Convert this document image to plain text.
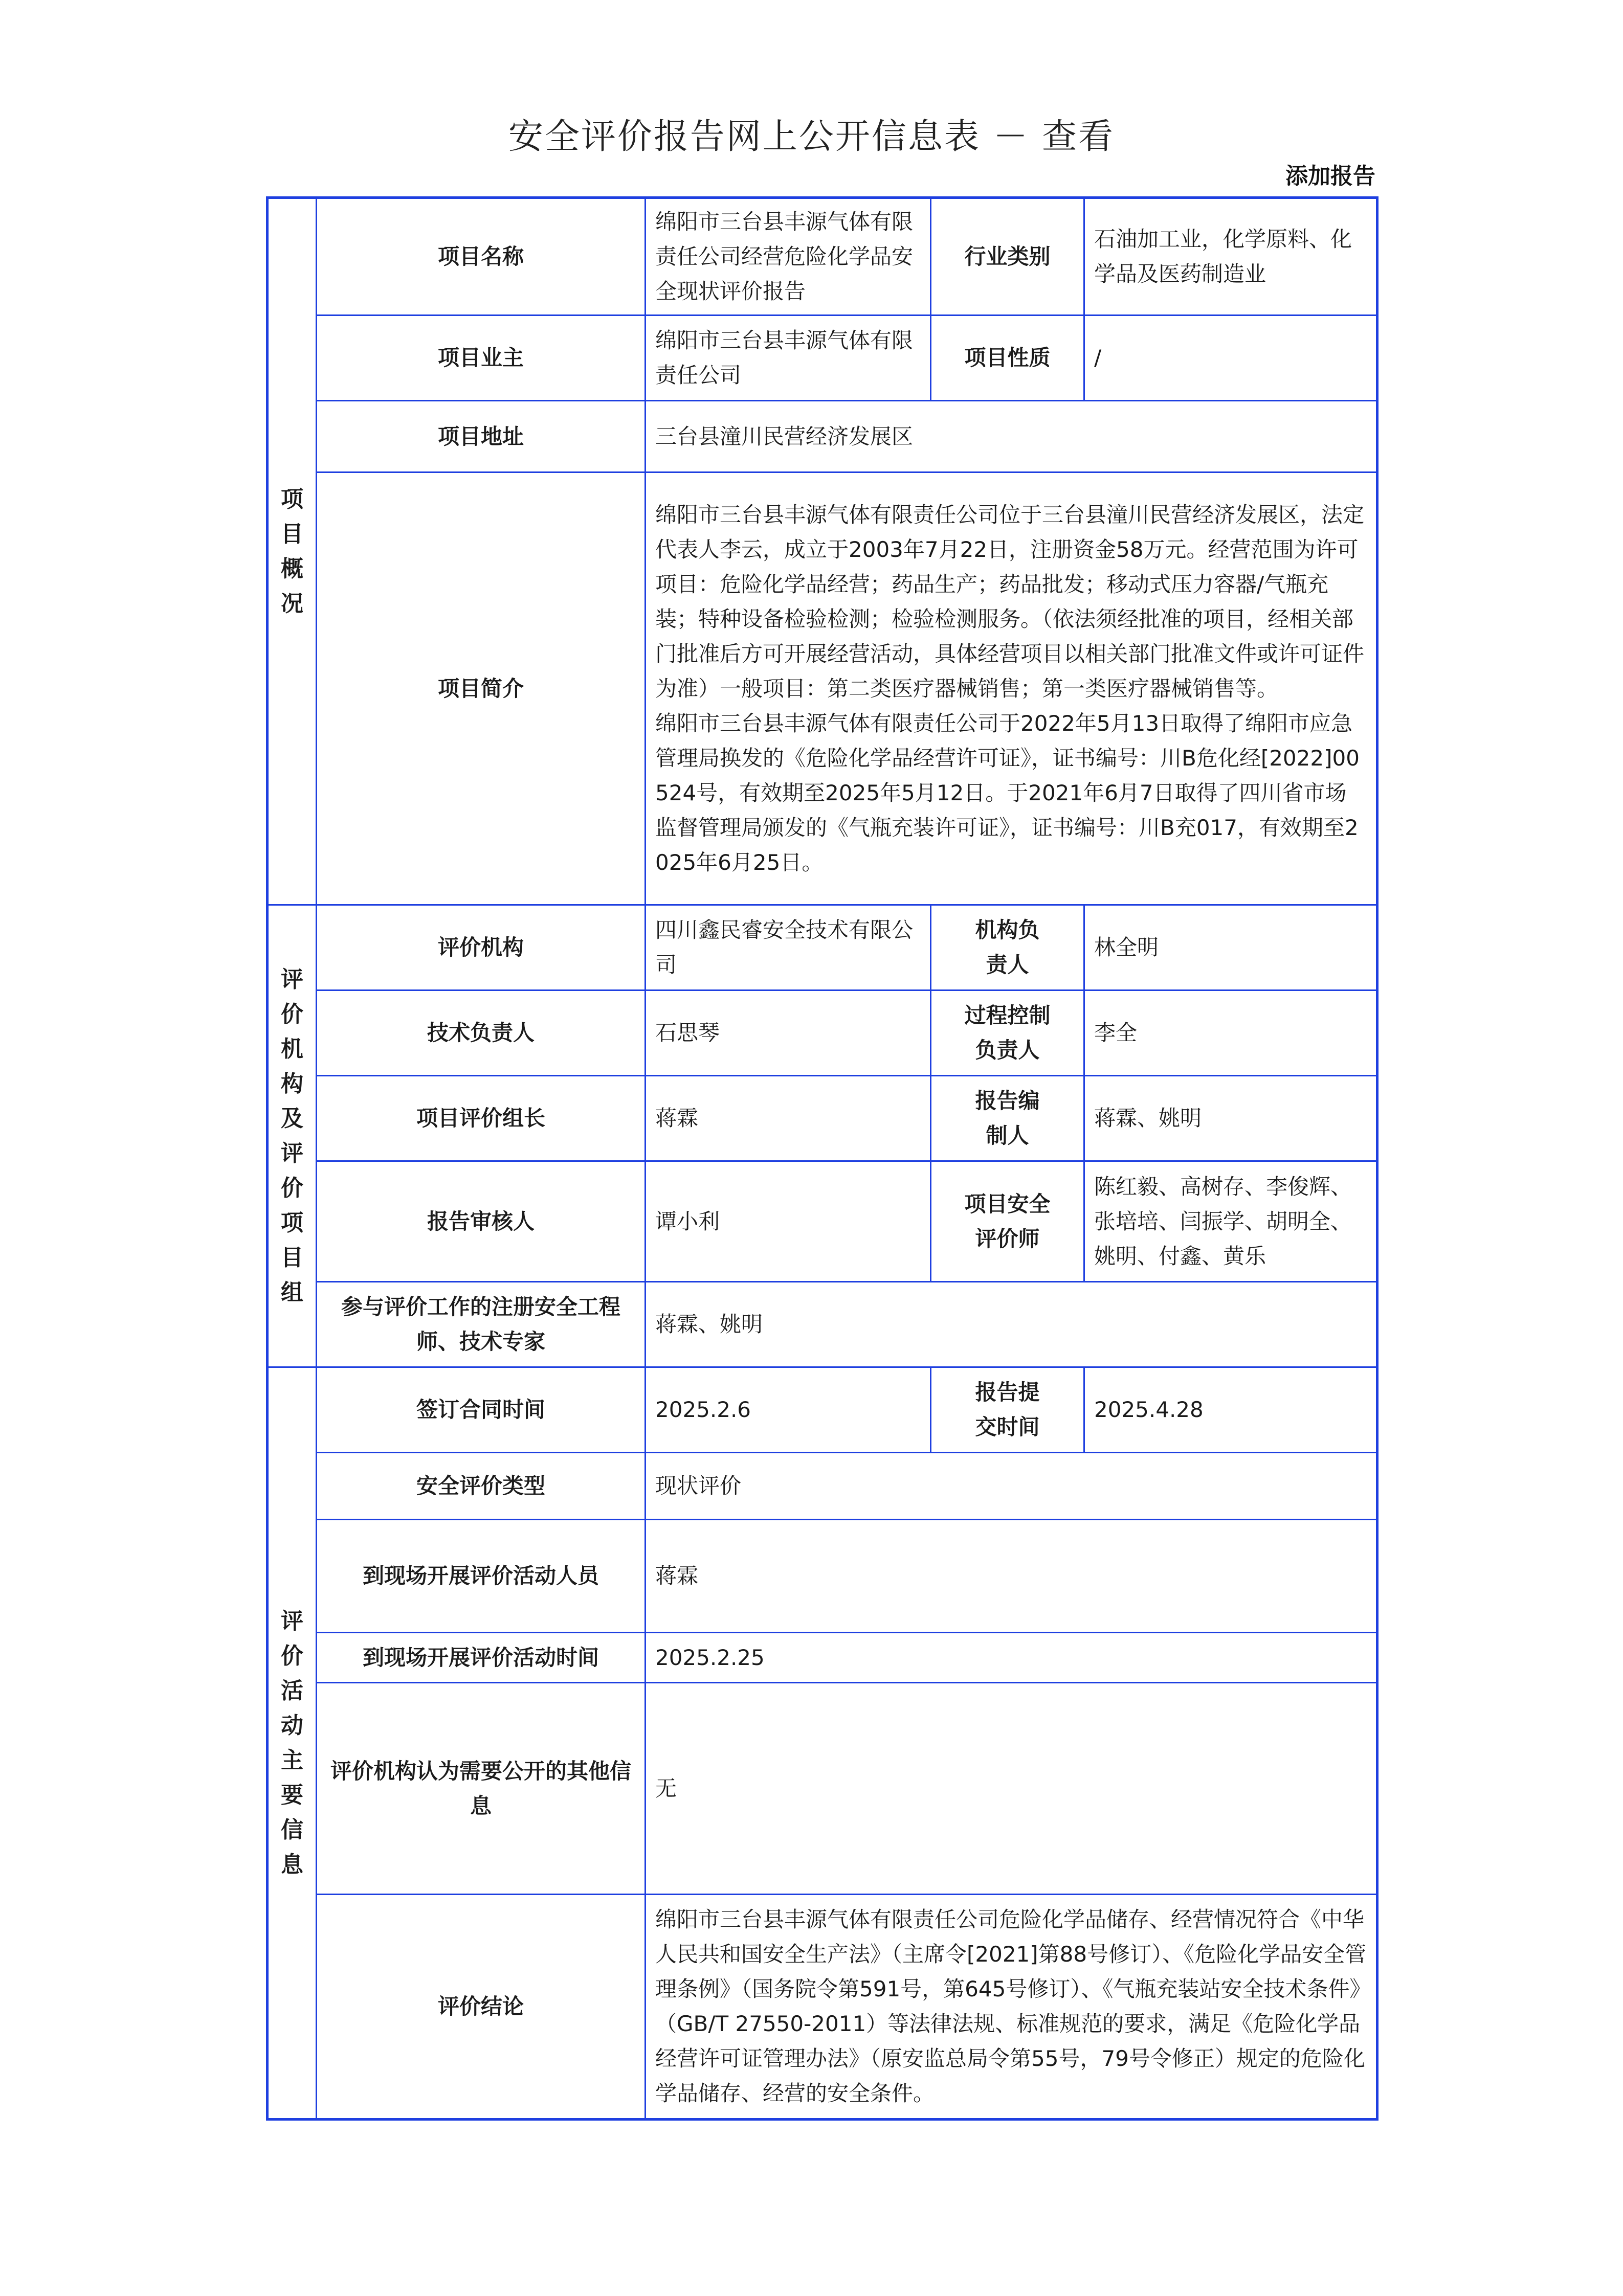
安全评价报告网上公开信息表 － 查看
添加报告
项目概况	项目名称	绵阳市三台县丰源气体有限责任公司经营危险化学品安全现状评价报告	行业类别	石油加工业，化学原料、化学品及医药制造业
	项目业主	绵阳市三台县丰源气体有限责任公司	项目性质	/
	项目地址	三台县潼川民营经济发展区		
	项目简介	绵阳市三台县丰源气体有限责任公司位于三台县潼川民营经济发展区，法定代表人李云，成立于2003年7月22日，注册资金58万元。经营范围为许可项目：危险化学品经营；药品生产；药品批发；移动式压力容器/气瓶充装；特种设备检验检测；检验检测服务。（依法须经批准的项目，经相关部门批准后方可开展经营活动，具体经营项目以相关部门批准文件或许可证件为准）一般项目：第二类医疗器械销售；第一类医疗器械销售等。
绵阳市三台县丰源气体有限责任公司于2022年5月13日取得了绵阳市应急管理局换发的《危险化学品经营许可证》，证书编号：川B危化经[2022]00524号，有效期至2025年5月12日。于2021年6月7日取得了四川省市场监督管理局颁发的《气瓶充装许可证》，证书编号：川B充017，有效期至2025年6月25日。		

评价机构及评价项目组	评价机构	四川鑫民睿安全技术有限公司	机构负责人	林全明
	技术负责人	石思琴	过程控制负责人	李全
	项目评价组长	蒋霖	报告编制人	蒋霖、姚明
	报告审核人	谭小利	项目安全评价师	陈红毅、高树存、李俊辉、张培培、闫振学、胡明全、姚明、付鑫、黄乐
	参与评价工作的注册安全工程师、技术专家	蒋霖、姚明		
评价活动主要信息	签订合同时间	2025.2.6	报告提交时间	2025.4.28
	安全评价类型	现状评价		
	到现场开展评价活动人员	蒋霖		
	到现场开展评价活动时间	2025.2.25		
	评价机构认为需要公开的其他信息	无		
	评价结论	绵阳市三台县丰源气体有限责任公司危险化学品储存、经营情况符合《中华人民共和国安全生产法》（主席令[2021]第88号修订）、《危险化学品安全管理条例》（国务院令第591号，第645号修订）、《气瓶充装站安全技术条件》（GB/T 27550-2011）等法律法规、标准规范的要求，满足《危险化学品经营许可证管理办法》（原安监总局令第55号，79号令修正）规定的危险化学品储存、经营的安全条件。		
